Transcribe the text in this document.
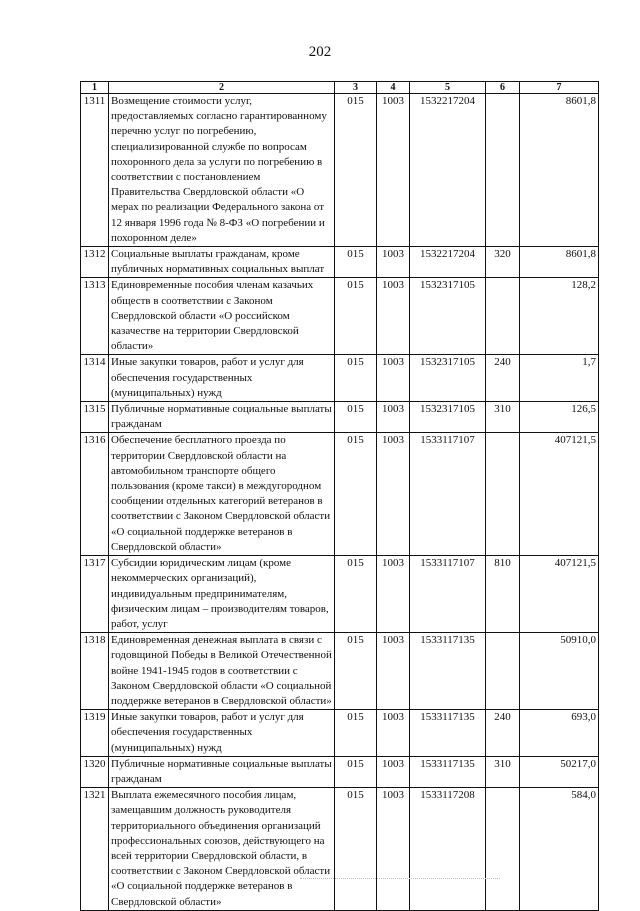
202
1	2	3	4	5	6	7
1311	Возмещение стоимости услуг, предоставляемых согласно гарантированному перечню услуг по погребению, специализированной службе по вопросам похоронного дела за услуги по погребению в соответствии с постановлением Правительства Свердловской области «О мерах по реализации Федерального закона от 12 января 1996 года № 8-ФЗ «О погребении и похоронном деле»	015	1003	1532217204		8601,8
1312	Социальные выплаты гражданам, кроме публичных нормативных социальных выплат	015	1003	1532217204	320	8601,8
1313	Единовременные пособия членам казачьих обществ в соответствии с Законом Свердловской области «О российском казачестве на территории Свердловской области»	015	1003	1532317105		128,2
1314	Иные закупки товаров, работ и услуг для обеспечения государственных (муниципальных) нужд	015	1003	1532317105	240	1,7
1315	Публичные нормативные социальные выплаты гражданам	015	1003	1532317105	310	126,5
1316	Обеспечение бесплатного проезда по территории Свердловской области на автомобильном транспорте общего пользования (кроме такси) в междугородном сообщении отдельных категорий ветеранов в соответствии с Законом Свердловской области «О социальной поддержке ветеранов в Свердловской области»	015	1003	1533117107		407121,5
1317	Субсидии юридическим лицам (кроме некоммерческих организаций), индивидуальным предпринимателям, физическим лицам – производителям товаров, работ, услуг	015	1003	1533117107	810	407121,5
1318	Единовременная денежная выплата в связи с годовщиной Победы в Великой Отечественной войне 1941-1945 годов в соответствии с Законом Свердловской области «О социальной поддержке ветеранов в Свердловской области»	015	1003	1533117135		50910,0
1319	Иные закупки товаров, работ и услуг для обеспечения государственных (муниципальных) нужд	015	1003	1533117135	240	693,0
1320	Публичные нормативные социальные выплаты гражданам	015	1003	1533117135	310	50217,0
1321	Выплата ежемесячного пособия лицам, замещавшим должность руководителя территориального объединения организаций профессиональных союзов, действующего на всей территории Свердловской области, в соответствии с Законом Свердловской области «О социальной поддержке ветеранов в Свердловской области»	015	1003	1533117208		584,0
